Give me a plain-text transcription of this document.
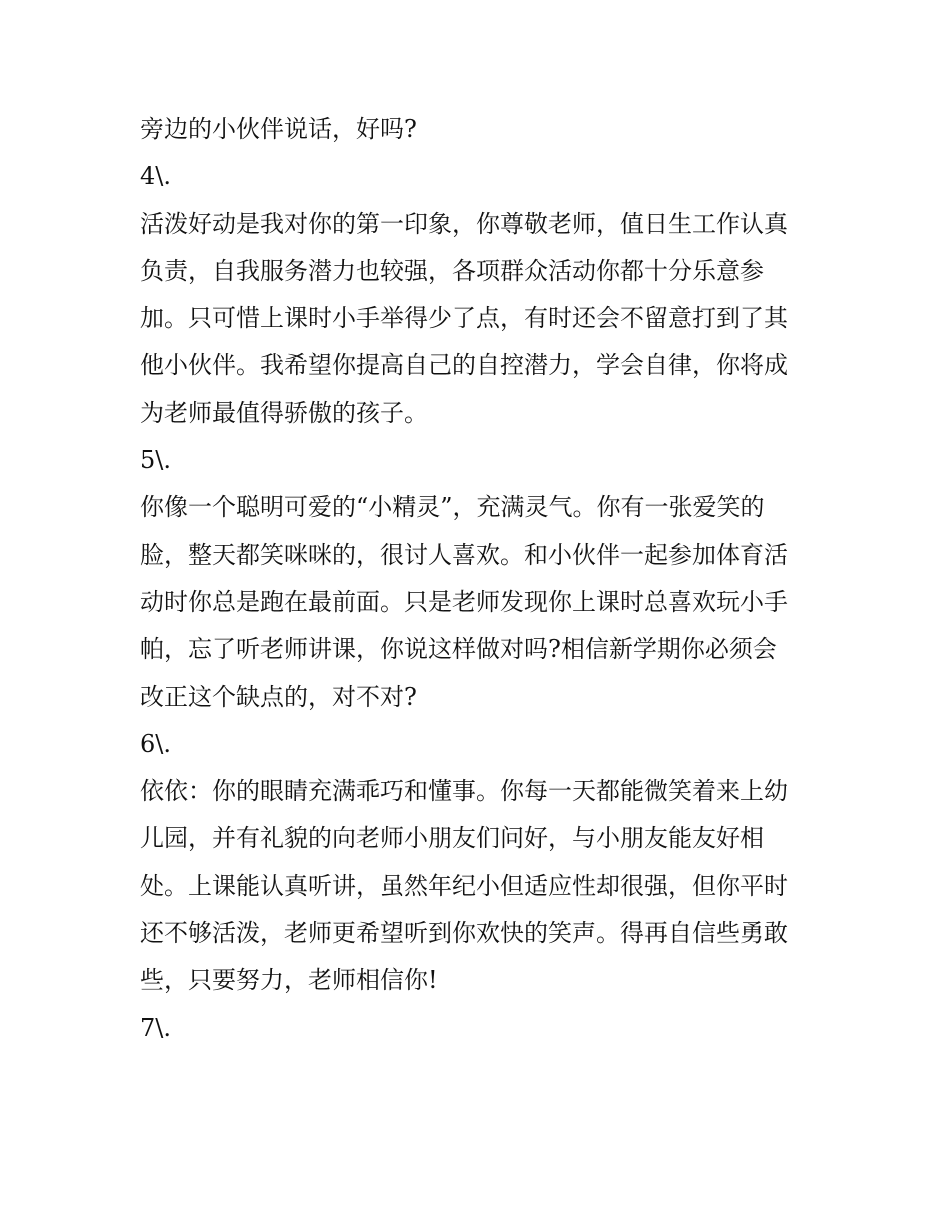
旁边的小伙伴说话，好吗?
4\.
活泼好动是我对你的第一印象，你尊敬老师，值日生工作认真
负责，自我服务潜力也较强，各项群众活动你都十分乐意参
加。只可惜上课时小手举得少了点，有时还会不留意打到了其
他小伙伴。我希望你提高自己的自控潜力，学会自律，你将成
为老师最值得骄傲的孩子。
5\.
你像一个聪明可爱的“小精灵”，充满灵气。你有一张爱笑的
脸，整天都笑咪咪的，很讨人喜欢。和小伙伴一起参加体育活
动时你总是跑在最前面。只是老师发现你上课时总喜欢玩小手
帕，忘了听老师讲课，你说这样做对吗?相信新学期你必须会
改正这个缺点的，对不对?
6\.
依依：你的眼睛充满乖巧和懂事。你每一天都能微笑着来上幼
儿园，并有礼貌的向老师小朋友们问好，与小朋友能友好相
处。上课能认真听讲，虽然年纪小但适应性却很强，但你平时
还不够活泼，老师更希望听到你欢快的笑声。得再自信些勇敢
些，只要努力，老师相信你!
7\.
